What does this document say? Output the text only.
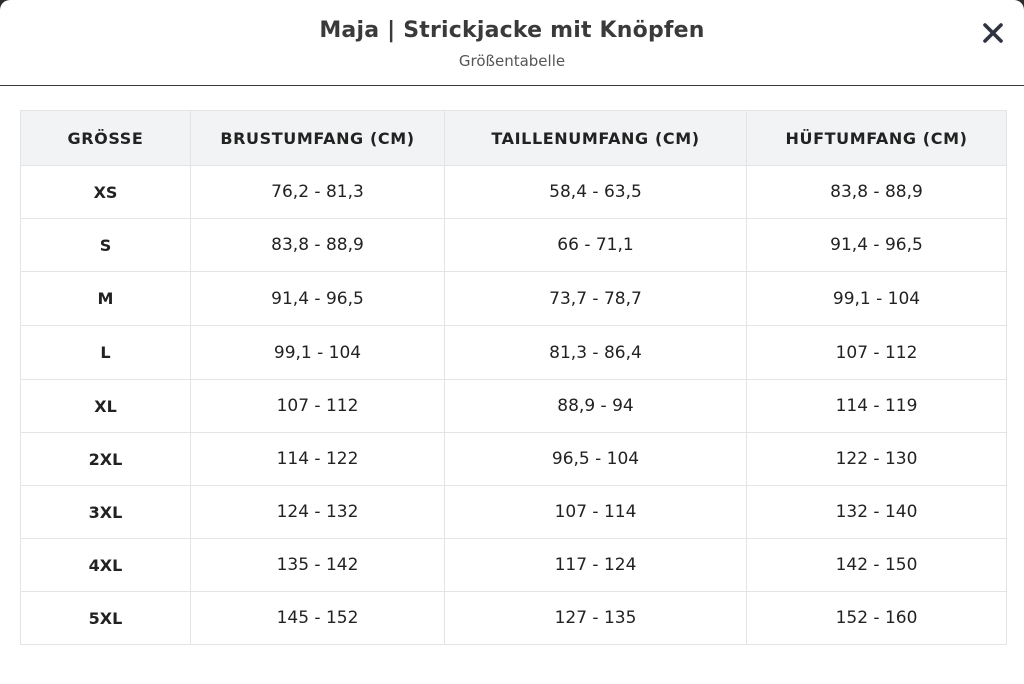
Maja | Strickjacke mit Knöpfen
Größentabelle
GRÖSSE	BRUSTUMFANG (CM)	TAILLENUMFANG (CM)	HÜFTUMFANG (CM)
XS	76,2 - 81,3	58,4 - 63,5	83,8 - 88,9
S	83,8 - 88,9	66 - 71,1	91,4 - 96,5
M	91,4 - 96,5	73,7 - 78,7	99,1 - 104
L	99,1 - 104	81,3 - 86,4	107 - 112
XL	107 - 112	88,9 - 94	114 - 119
2XL	114 - 122	96,5 - 104	122 - 130
3XL	124 - 132	107 - 114	132 - 140
4XL	135 - 142	117 - 124	142 - 150
5XL	145 - 152	127 - 135	152 - 160
